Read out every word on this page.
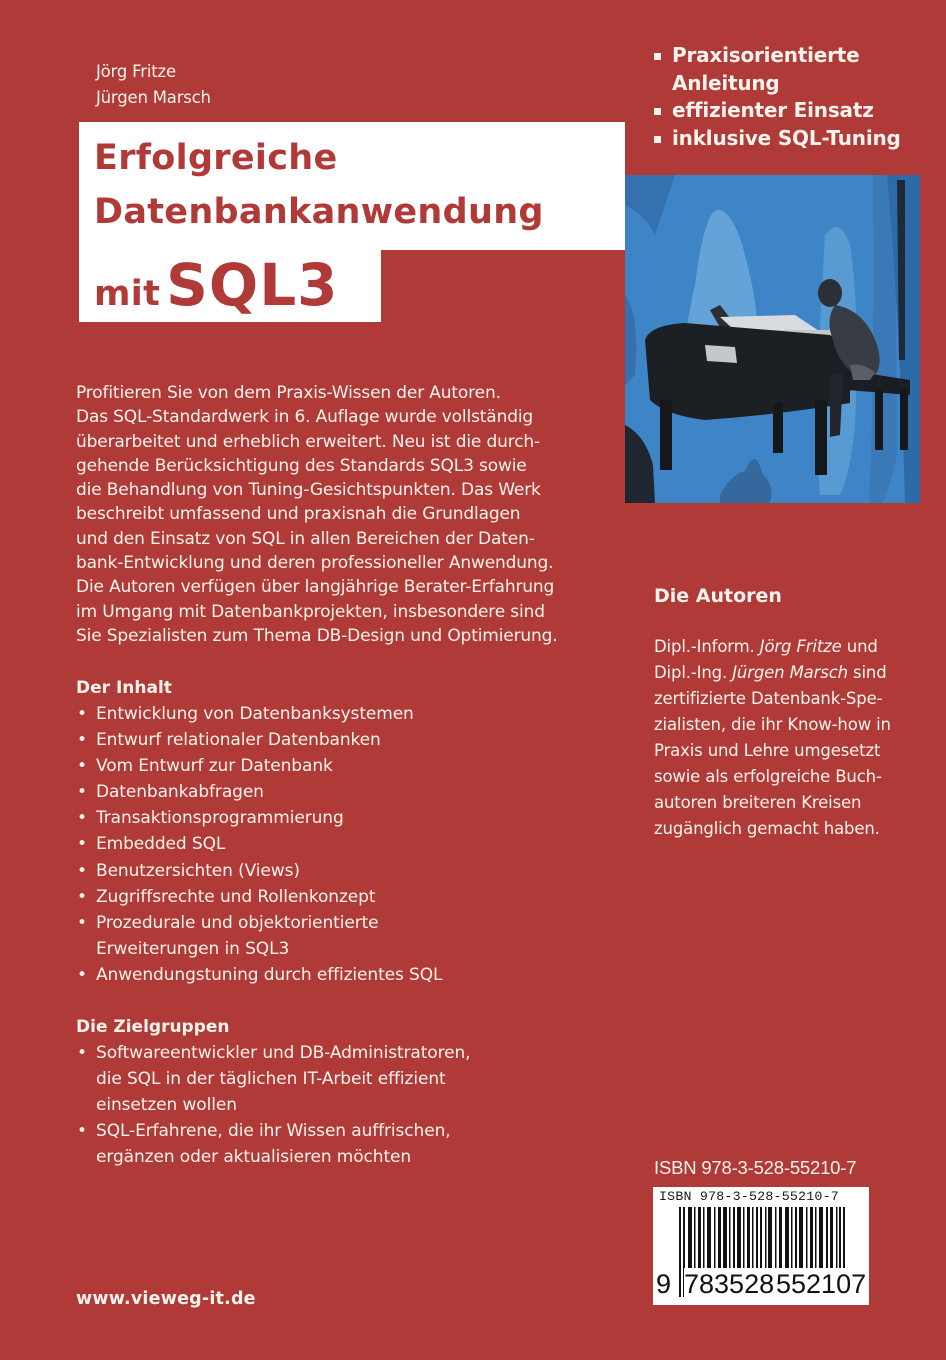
Jörg Fritze
Jürgen Marsch
Erfolgreiche
Datenbankanwendung
mit SQL3
Praxisorientierte
Anleitung
effizienter Einsatz
inklusive SQL-Tuning
Profitieren Sie von dem Praxis-Wissen der Autoren.
Das SQL-Standardwerk in 6. Auflage wurde vollständig
überarbeitet und erheblich erweitert. Neu ist die durch-
gehende Berücksichtigung des Standards SQL3 sowie
die Behandlung von Tuning-Gesichtspunkten. Das Werk
beschreibt umfassend und praxisnah die Grundlagen
und den Einsatz von SQL in allen Bereichen der Daten-
bank-Entwicklung und deren professioneller Anwendung.
Die Autoren verfügen über langjährige Berater-Erfahrung
im Umgang mit Datenbankprojekten, insbesondere sind
Sie Spezialisten zum Thema DB-Design und Optimierung.
Der Inhalt
• Entwicklung von Datenbanksystemen
• Entwurf relationaler Datenbanken
• Vom Entwurf zur Datenbank
• Datenbankabfragen
• Transaktionsprogrammierung
• Embedded SQL
• Benutzersichten (Views)
• Zugriffsrechte und Rollenkonzept
• Prozedurale und objektorientierte
Erweiterungen in SQL3
• Anwendungstuning durch effizientes SQL
Die Zielgruppen
• Softwareentwickler und DB-Administratoren,
die SQL in der täglichen IT-Arbeit effizient
einsetzen wollen
• SQL-Erfahrene, die ihr Wissen auffrischen,
ergänzen oder aktualisieren möchten
Die Autoren
Dipl.-Inform. Jörg Fritze und
Dipl.-Ing. Jürgen Marsch sind
zertifizierte Datenbank-Spe-
zialisten, die ihr Know-how in
Praxis und Lehre umgesetzt
sowie als erfolgreiche Buch-
autoren breiteren Kreisen
zugänglich gemacht haben.
ISBN 978-3-528-55210-7
ISBN 978-3-528-55210-7
9 783528552107
www.vieweg-it.de
